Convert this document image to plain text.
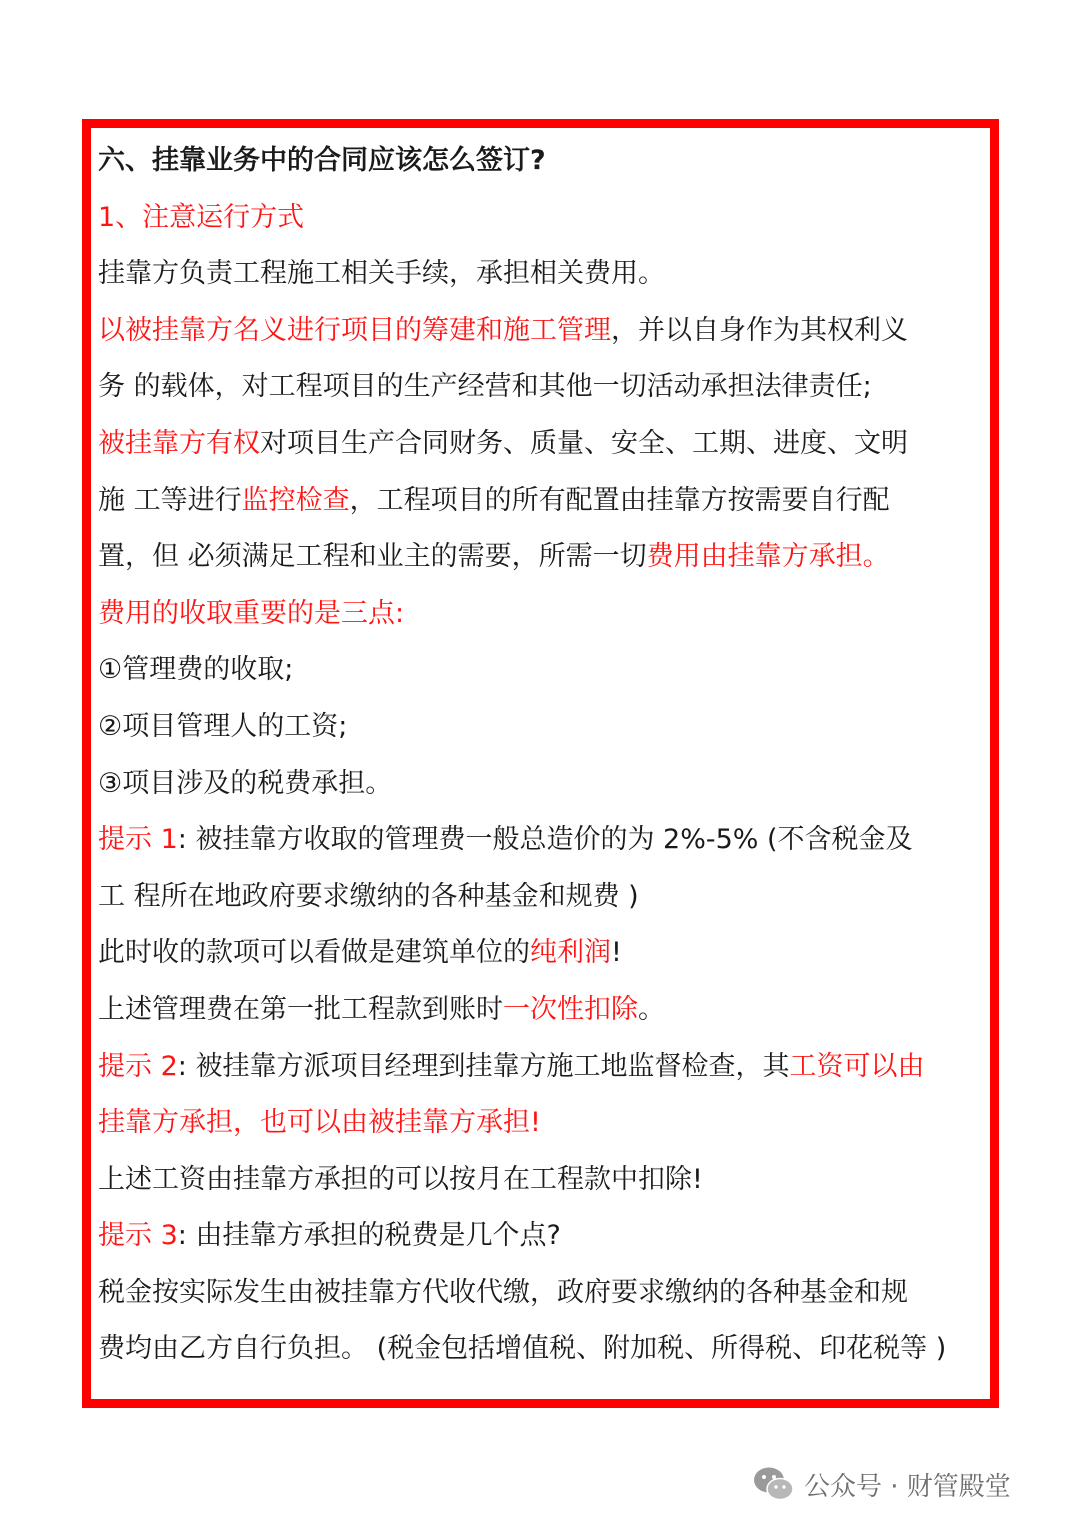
六、挂靠业务中的合同应该怎么签订?
1、注意运行方式
挂靠方负责工程施工相关手续，承担相关费用。
以被挂靠方名义进行项目的筹建和施工管理，并以自身作为其权利义
务 的载体，对工程项目的生产经营和其他一切活动承担法律责任;
被挂靠方有权对项目生产合同财务、质量、安全、工期、进度、文明
施 工等进行监控检查，工程项目的所有配置由挂靠方按需要自行配
置，但 必须满足工程和业主的需要，所需一切费用由挂靠方承担。
费用的收取重要的是三点:
①管理费的收取;
②项目管理人的工资;
③项目涉及的税费承担。
提示 1: 被挂靠方收取的管理费一般总造价的为 2%-5% (不含税金及
工 程所在地政府要求缴纳的各种基金和规费 )
此时收的款项可以看做是建筑单位的纯利润!
上述管理费在第一批工程款到账时一次性扣除。
提示 2: 被挂靠方派项目经理到挂靠方施工地监督检查，其工资可以由
挂靠方承担，也可以由被挂靠方承担!
上述工资由挂靠方承担的可以按月在工程款中扣除!
提示 3: 由挂靠方承担的税费是几个点?
税金按实际发生由被挂靠方代收代缴，政府要求缴纳的各种基金和规
费均由乙方自行负担。 (税金包括增值税、附加税、所得税、印花税等 )
公众号 · 财管殿堂
